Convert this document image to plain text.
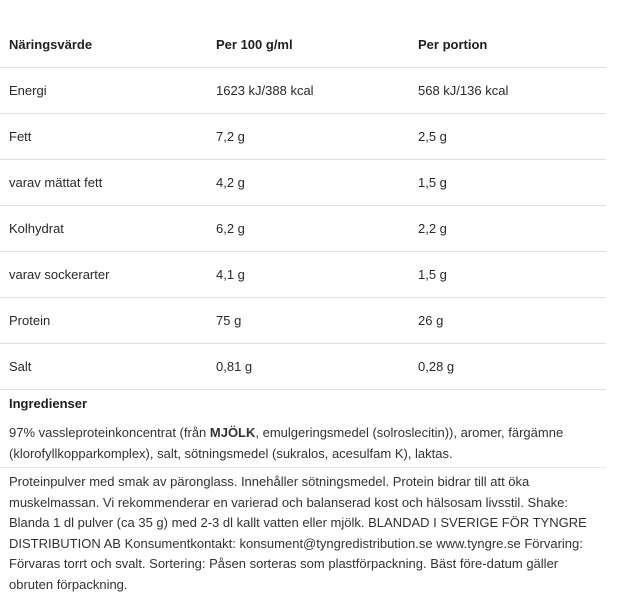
Näringsvärde	Per 100 g/ml	Per portion
Energi	1623 kJ/388 kcal	568 kJ/136 kcal
Fett	7,2 g	2,5 g
varav mättat fett	4,2 g	1,5 g
Kolhydrat	6,2 g	2,2 g
varav sockerarter	4,1 g	1,5 g
Protein	75 g	26 g
Salt	0,81 g	0,28 g
Ingredienser
97% vassleproteinkoncentrat (från MJÖLK, emulgeringsmedel (solroslecitin)), aromer, färgämne (klorofyllkopparkomplex), salt, sötningsmedel (sukralos, acesulfam K), laktas.
Proteinpulver med smak av päronglass. Innehåller sötningsmedel. Protein bidrar till att öka muskelmassan. Vi rekommenderar en varierad och balanserad kost och hälsosam livsstil. Shake: Blanda 1 dl pulver (ca 35 g) med 2-3 dl kallt vatten eller mjölk. BLANDAD I SVERIGE FÖR TYNGRE DISTRIBUTION AB Konsumentkontakt: konsument@tyngredistribution.se www.tyngre.se Förvaring: Förvaras torrt och svalt. Sortering: Påsen sorteras som plastförpackning. Bäst före-datum gäller obruten förpackning.
